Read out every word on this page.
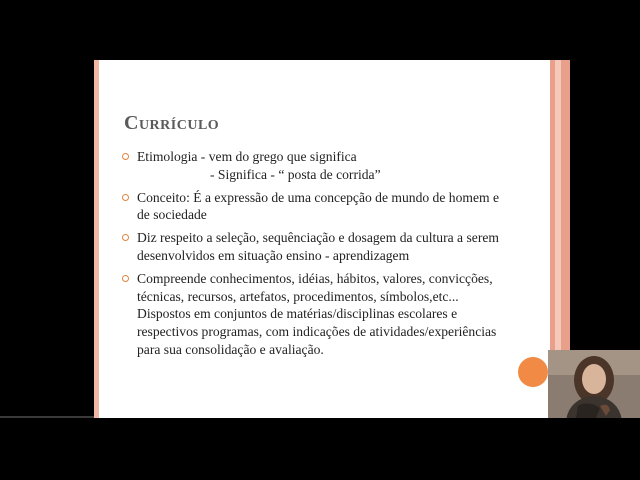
Currículo
Etimologia - vem do grego que significa
- Significa - “ posta de corrida”
Conceito: É a expressão de uma concepção de mundo de homem e de sociedade
Diz respeito a seleção, sequênciação e dosagem da cultura a serem desenvolvidos em situação ensino - aprendizagem
Compreende conhecimentos, idéias, hábitos, valores, convicções, técnicas, recursos, artefatos, procedimentos, símbolos,etc... Dispostos em conjuntos de matérias/disciplinas escolares e respectivos programas, com indicações de atividades/experiências para sua consolidação e avaliação.
